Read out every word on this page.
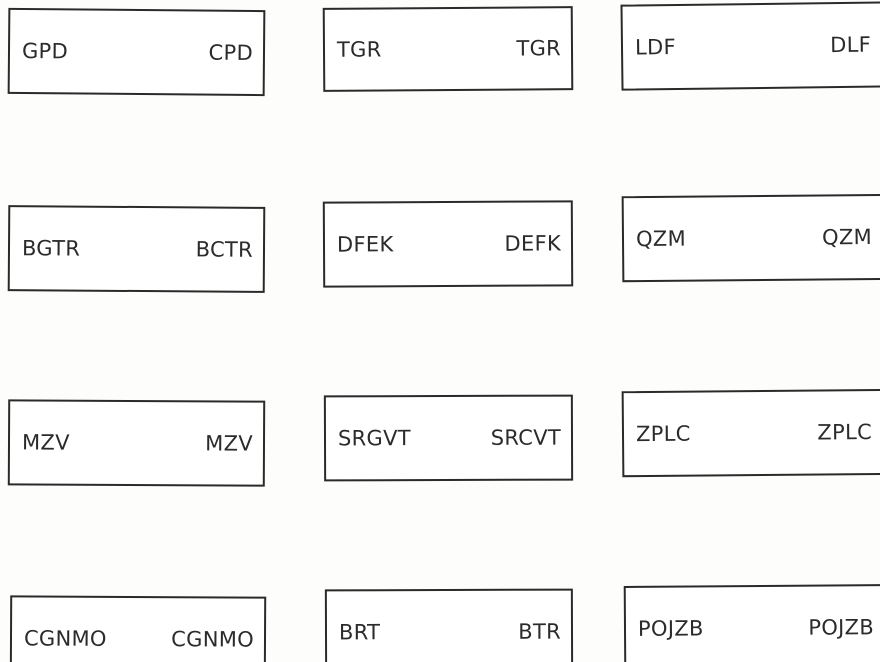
GPD	CPD	TGR	TGR	LDF	DLF
BGTR	BCTR	DFEK	DEFK	QZM	QZM
MZV	MZV	SRGVT	SRCVT	ZPLC	ZPLC
CGNMO	CGNMO	BRT	BTR	POJZB	POJZB
